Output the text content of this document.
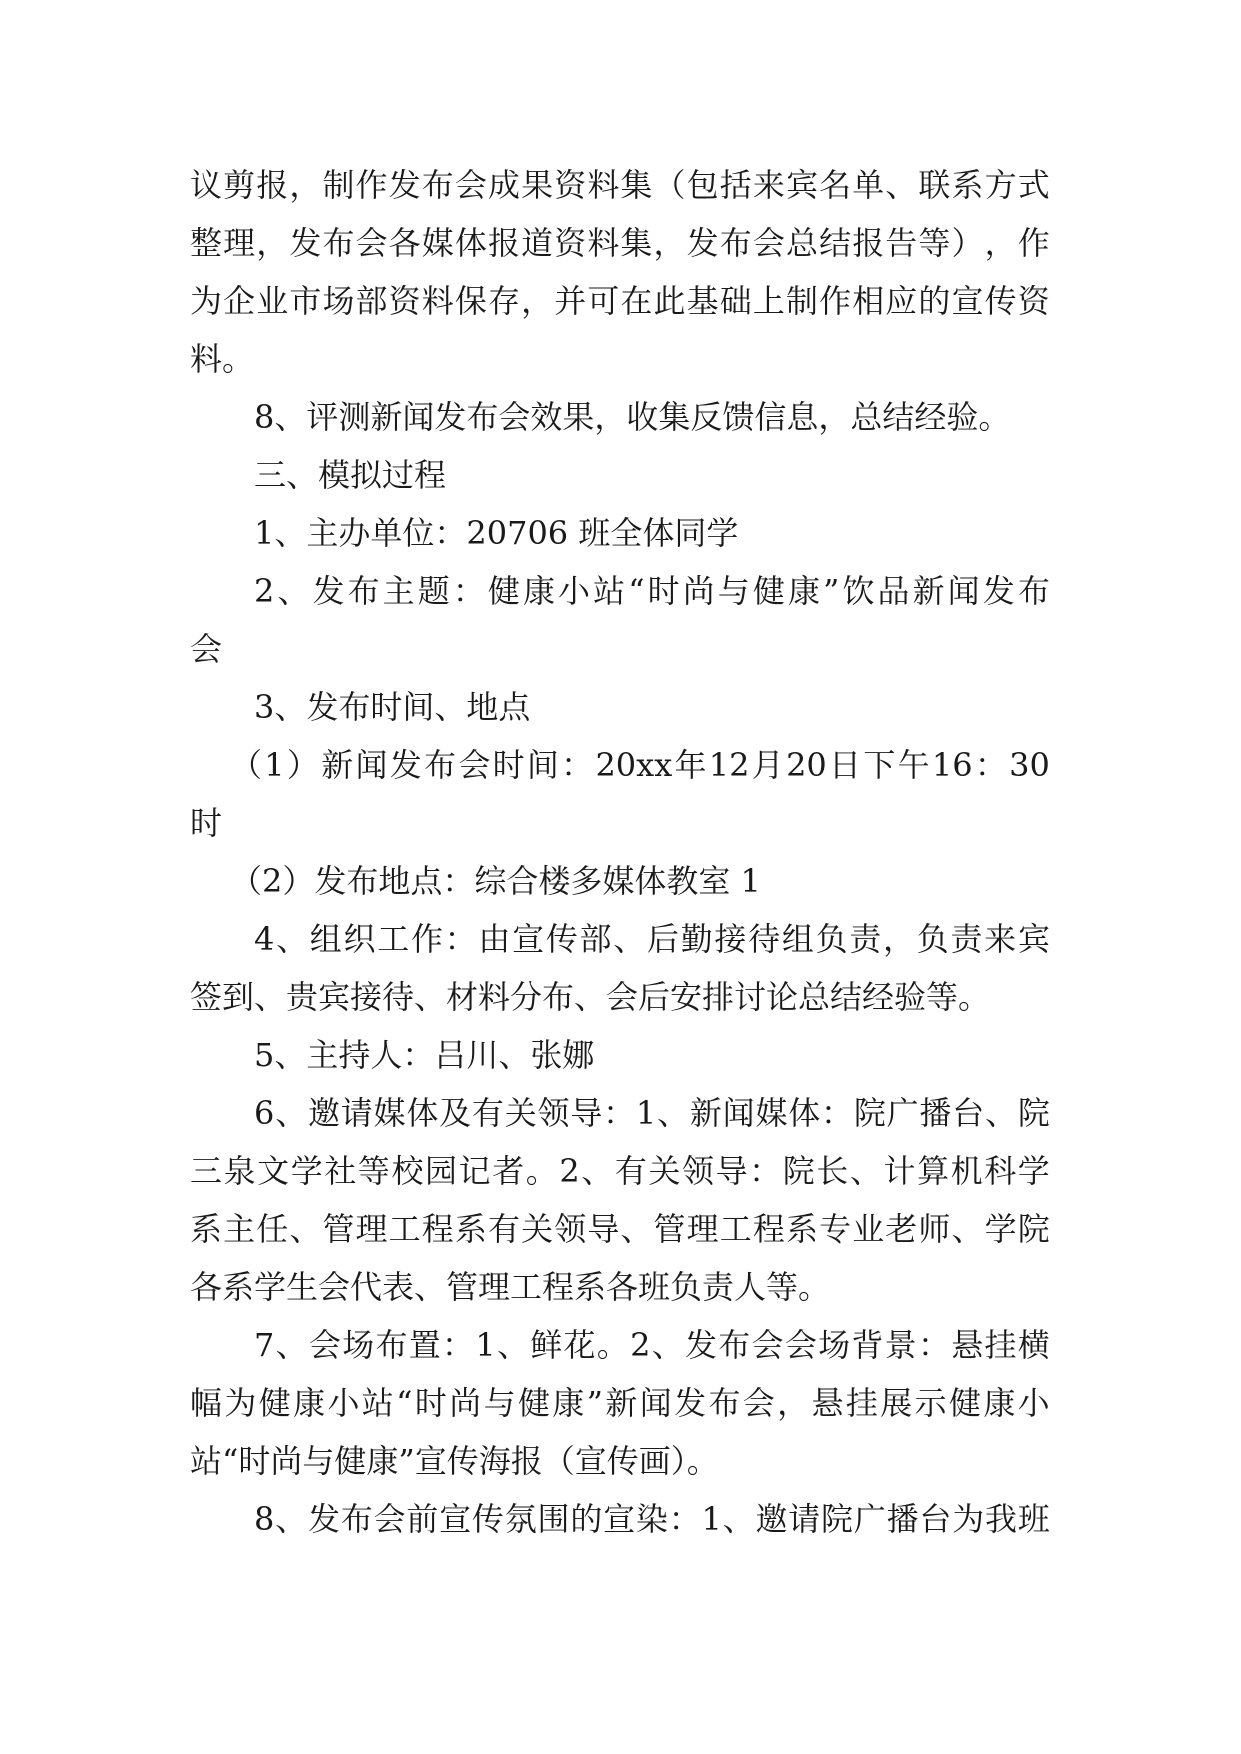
议 剪 报 ， 制 作 发 布 会 成 果 资 料 集 （ 包 括 来 宾 名 单 、 联 系 方 式
整 理 ， 发 布 会 各 媒 体 报 道 资 料 集 ， 发 布 会 总 结 报 告 等 ） ， 作
为 企 业 市 场 部 资 料 保 存 ， 并 可 在 此 基 础 上 制 作 相 应 的 宣 传 资
料。
8、评测新闻发布会效果，收集反馈信息，总结经验。
三、模拟过程
1、主办单位：20706 班全体同学
2 、 发 布 主 题 ： 健 康 小 站 “ 时 尚 与 健 康 ” 饮 品 新 闻 发 布
会
3、发布时间、地点
（ 1 ） 新 闻 发 布 会 时 间 ： 20xx 年 12 月 20 日 下 午 16 ： 30
时
（2）发布地点：综合楼多媒体教室 1
4 、 组 织 工 作 ： 由 宣 传 部 、 后 勤 接 待 组 负 责 ， 负 责 来 宾
签到、贵宾接待、材料分布、会后安排讨论总结经验等。
5、主持人：吕川、张娜
6 、 邀 请 媒 体 及 有 关 领 导 ： 1 、 新 闻 媒 体 ： 院 广 播 台 、 院
三 泉 文 学 社 等 校 园 记 者 。 2 、 有 关 领 导 ： 院 长 、 计 算 机 科 学
系 主 任 、 管 理 工 程 系 有 关 领 导 、 管 理 工 程 系 专 业 老 师 、 学 院
各系学生会代表、管理工程系各班负责人等。
7 、 会 场 布 置 ： 1 、 鲜 花 。 2 、 发 布 会 会 场 背 景 ： 悬 挂 横
幅 为 健 康 小 站 “ 时 尚 与 健 康 ” 新 闻 发 布 会 ， 悬 挂 展 示 健 康 小
站“时尚与健康”宣传海报（宣传画）。
8 、 发 布 会 前 宣 传 氛 围 的 宣 染 ： 1 、 邀 请 院 广 播 台 为 我 班
